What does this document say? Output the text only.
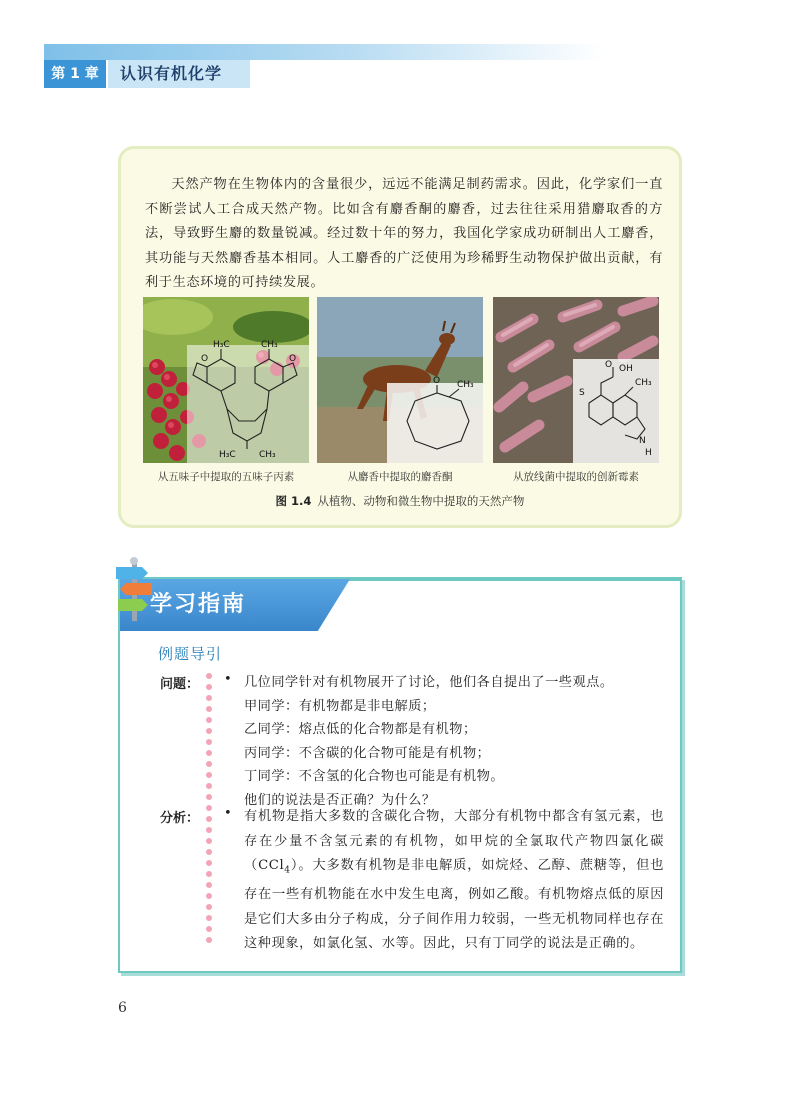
第 1 章	认识有机化学

天然产物在生物体内的含量很少，远远不能满足制药需求。因此，化学家们一直不断尝试人工合成天然产物。比如含有麝香酮的麝香，过去往往采用猎麝取香的方法，导致野生麝的数量锐减。经过数十年的努力，我国化学家成功研制出人工麝香，其功能与天然麝香基本相同。人工麝香的广泛使用为珍稀野生动物保护做出贡献，有利于生态环境的可持续发展。

H₃C	CH₃
H₃C	CH₃
O	O
从五味子中提取的五味子丙素
O CH₃
从麝香中提取的麝香酮
O OH
S
CH₃
N
H
从放线菌中提取的创新霉素
图 1.4 从植物、动物和微生物中提取的天然产物
学习指南
例题导引
问题： • 几位同学针对有机物展开了讨论，他们各自提出了一些观点。
甲同学：有机物都是非电解质；
乙同学：熔点低的化合物都是有机物；
丙同学：不含碳的化合物可能是有机物；
丁同学：不含氢的化合物也可能是有机物。
他们的说法是否正确？为什么？
分析： • 有机物是指大多数的含碳化合物，大部分有机物中都含有氢元素，也存在少量不含氢元素的有机物，如甲烷的全氯取代产物四氯化碳（CCl$_4$）。大多数有机物是非电解质，如烷烃、乙醇、蔗糖等，但也存在一些有机物能在水中发生电离，例如乙酸。有机物熔点低的原因是它们大多由分子构成，分子间作用力较弱，一些无机物同样也存在这种现象，如氯化氢、水等。因此，只有丁同学的说法是正确的。
6
